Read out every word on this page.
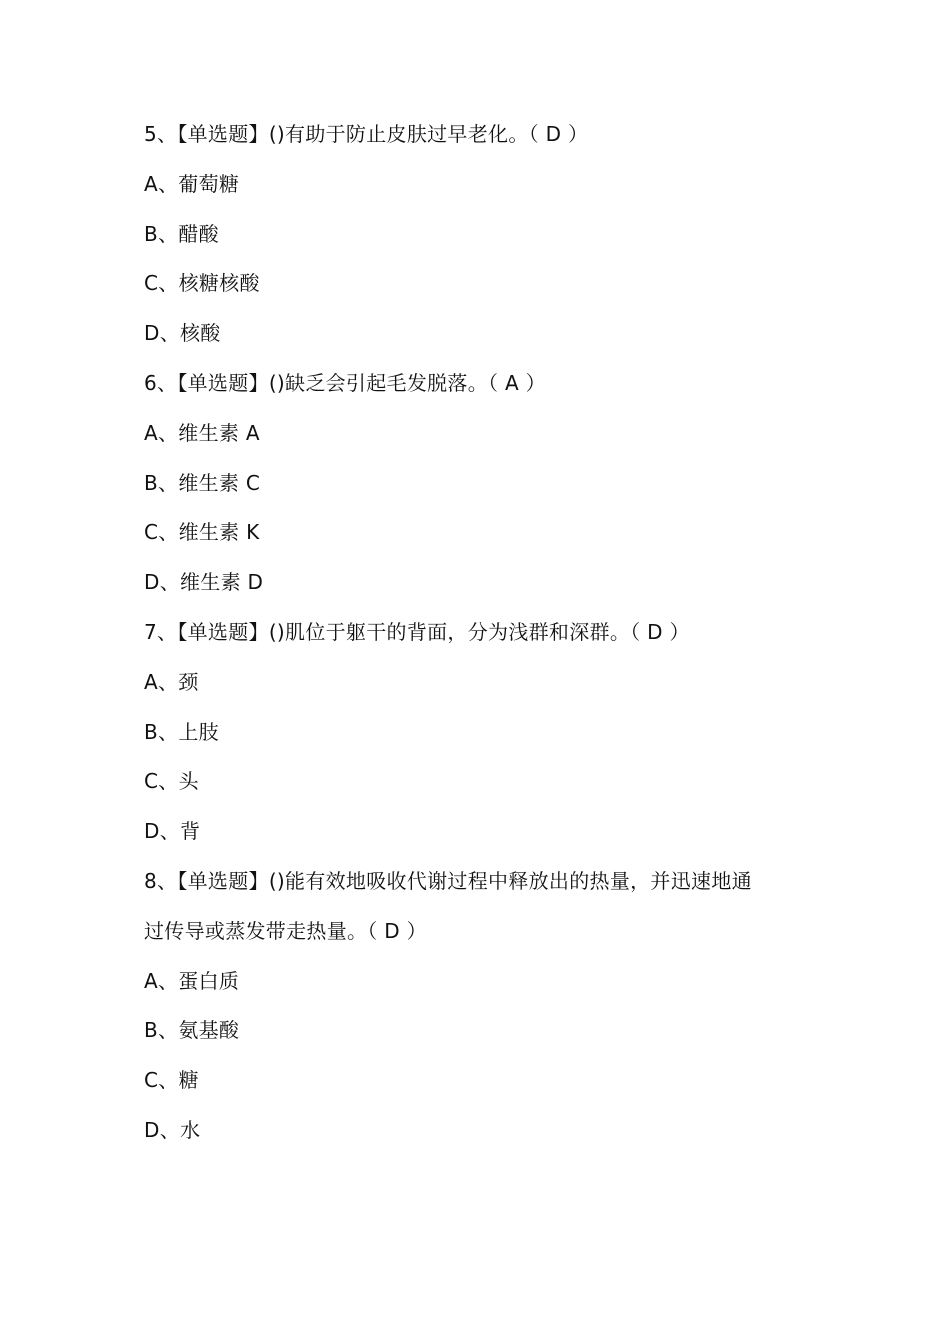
5、【单选题】()有助于防止皮肤过早老化。（ D ）
A、葡萄糖
B、醋酸
C、核糖核酸
D、核酸
6、【单选题】()缺乏会引起毛发脱落。（ A ）
A、维生素 A
B、维生素 C
C、维生素 K
D、维生素 D
7、【单选题】()肌位于躯干的背面，分为浅群和深群。（ D ）
A、颈
B、上肢
C、头
D、背
8、【单选题】()能有效地吸收代谢过程中释放出的热量，并迅速地通
过传导或蒸发带走热量。（ D ）
A、蛋白质
B、氨基酸
C、糖
D、水
